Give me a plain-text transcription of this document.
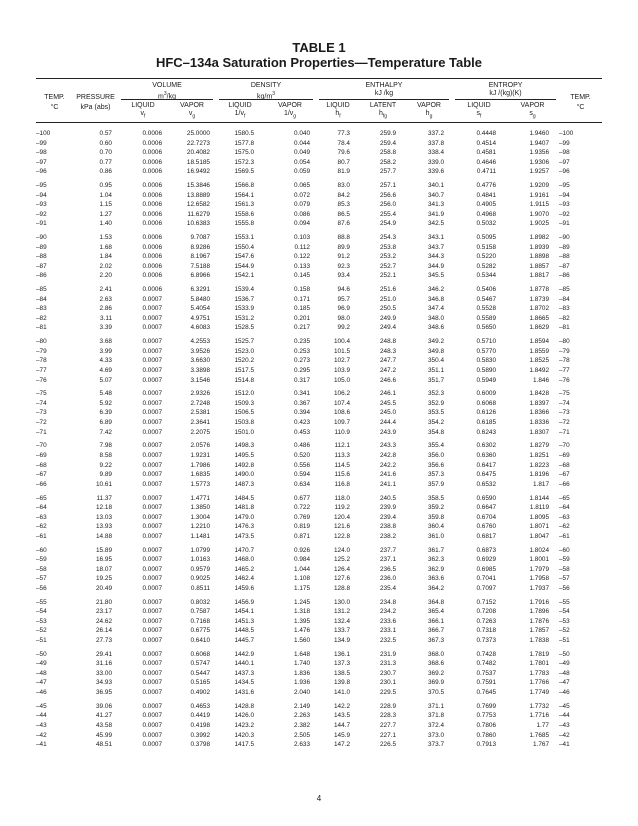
TABLE 1
HFC–134a Saturation Properties—Temperature Table
TEMP.
°C
PRESSURE
kPa (abs)
VOLUME
$m^3/kg$
DENSITY
$kg/m^3$
ENTHALPY
kJ /kg
ENTROPY
kJ /(kg)(K)
TEMP.
°C
LIQUID
$v_f$
VAPOR
$v_g$
LIQUID
$1/v_f$
VAPOR
$1/v_g$
LIQUID
$h_f$
LATENT
$h_{fg}$
VAPOR
$h_g$
LIQUID
$s_f$
VAPOR
$s_g$
–100	0.57	0.0006	25.0000	1580.5	0.040	77.3	259.9	337.2	0.4448	1.9460	–100
–99	0.60	0.0006	22.7273	1577.8	0.044	78.4	259.4	337.8	0.4514	1.9407	–99
–98	0.70	0.0006	20.4082	1575.0	0.049	79.6	258.8	338.4	0.4581	1.9356	–98
–97	0.77	0.0006	18.5185	1572.3	0.054	80.7	258.2	339.0	0.4646	1.9306	–97
–96	0.86	0.0006	16.9492	1569.5	0.059	81.9	257.7	339.6	0.4711	1.9257	–96

–95	0.95	0.0006	15.3846	1566.8	0.065	83.0	257.1	340.1	0.4776	1.9209	–95
–94	1.04	0.0006	13.8889	1564.1	0.072	84.2	256.6	340.7	0.4841	1.9161	–94
–93	1.15	0.0006	12.6582	1561.3	0.079	85.3	256.0	341.3	0.4905	1.9115	–93
–92	1.27	0.0006	11.6279	1558.6	0.086	86.5	255.4	341.9	0.4968	1.9070	–92
–91	1.40	0.0006	10.6383	1555.8	0.094	87.6	254.9	342.5	0.5032	1.9025	–91

–90	1.53	0.0006	9.7087	1553.1	0.103	88.8	254.3	343.1	0.5095	1.8982	–90
–89	1.68	0.0006	8.9286	1550.4	0.112	89.9	253.8	343.7	0.5158	1.8939	–89
–88	1.84	0.0006	8.1967	1547.6	0.122	91.2	253.2	344.3	0.5220	1.8898	–88
–87	2.02	0.0006	7.5188	1544.9	0.133	92.3	252.7	344.9	0.5282	1.8857	–87
–86	2.20	0.0006	6.8966	1542.1	0.145	93.4	252.1	345.5	0.5344	1.8817	–86

–85	2.41	0.0006	6.3291	1539.4	0.158	94.6	251.6	346.2	0.5406	1.8778	–85
–84	2.63	0.0007	5.8480	1536.7	0.171	95.7	251.0	346.8	0.5467	1.8739	–84
–83	2.86	0.0007	5.4054	1533.9	0.185	96.9	250.5	347.4	0.5528	1.8702	–83
–82	3.11	0.0007	4.9751	1531.2	0.201	98.0	249.9	348.0	0.5589	1.8665	–82
–81	3.39	0.0007	4.6083	1528.5	0.217	99.2	249.4	348.6	0.5650	1.8629	–81

–80	3.68	0.0007	4.2553	1525.7	0.235	100.4	248.8	349.2	0.5710	1.8594	–80
–79	3.99	0.0007	3.9526	1523.0	0.253	101.5	248.3	349.8	0.5770	1.8559	–79
–78	4.33	0.0007	3.6630	1520.2	0.273	102.7	247.7	350.4	0.5830	1.8525	–78
–77	4.69	0.0007	3.3898	1517.5	0.295	103.9	247.2	351.1	0.5890	1.8492	–77
–76	5.07	0.0007	3.1546	1514.8	0.317	105.0	246.6	351.7	0.5949	1.846	–76

–75	5.48	0.0007	2.9326	1512.0	0.341	106.2	246.1	352.3	0.6009	1.8428	–75
–74	5.92	0.0007	2.7248	1509.3	0.367	107.4	245.5	352.9	0.6068	1.8397	–74
–73	6.39	0.0007	2.5381	1506.5	0.394	108.6	245.0	353.5	0.6126	1.8366	–73
–72	6.89	0.0007	2.3641	1503.8	0.423	109.7	244.4	354.2	0.6185	1.8336	–72
–71	7.42	0.0007	2.2075	1501.0	0.453	110.9	243.9	354.8	0.6243	1.8307	–71

–70	7.98	0.0007	2.0576	1498.3	0.486	112.1	243.3	355.4	0.6302	1.8279	–70
–69	8.58	0.0007	1.9231	1495.5	0.520	113.3	242.8	356.0	0.6360	1.8251	–69
–68	9.22	0.0007	1.7986	1492.8	0.556	114.5	242.2	356.6	0.6417	1.8223	–68
–67	9.89	0.0007	1.6835	1490.0	0.594	115.6	241.6	357.3	0.6475	1.8196	–67
–66	10.61	0.0007	1.5773	1487.3	0.634	116.8	241.1	357.9	0.6532	1.817	–66

–65	11.37	0.0007	1.4771	1484.5	0.677	118.0	240.5	358.5	0.6590	1.8144	–65
–64	12.18	0.0007	1.3850	1481.8	0.722	119.2	239.9	359.2	0.6647	1.8119	–64
–63	13.03	0.0007	1.3004	1479.0	0.769	120.4	239.4	359.8	0.6704	1.8095	–63
–62	13.93	0.0007	1.2210	1476.3	0.819	121.6	238.8	360.4	0.6760	1.8071	–62
–61	14.88	0.0007	1.1481	1473.5	0.871	122.8	238.2	361.0	0.6817	1.8047	–61

–60	15.89	0.0007	1.0799	1470.7	0.926	124.0	237.7	361.7	0.6873	1.8024	–60
–59	16.95	0.0007	1.0163	1468.0	0.984	125.2	237.1	362.3	0.6929	1.8001	–59
–58	18.07	0.0007	0.9579	1465.2	1.044	126.4	236.5	362.9	0.6985	1.7979	–58
–57	19.25	0.0007	0.9025	1462.4	1.108	127.6	236.0	363.6	0.7041	1.7958	–57
–56	20.49	0.0007	0.8511	1459.6	1.175	128.8	235.4	364.2	0.7097	1.7937	–56

–55	21.80	0.0007	0.8032	1456.9	1.245	130.0	234.8	364.8	0.7152	1.7916	–55
–54	23.17	0.0007	0.7587	1454.1	1.318	131.2	234.2	365.4	0.7208	1.7896	–54
–53	24.62	0.0007	0.7168	1451.3	1.395	132.4	233.6	366.1	0.7263	1.7876	–53
–52	26.14	0.0007	0.6775	1448.5	1.476	133.7	233.1	366.7	0.7318	1.7857	–52
–51	27.73	0.0007	0.6410	1445.7	1.560	134.9	232.5	367.3	0.7373	1.7838	–51

–50	29.41	0.0007	0.6068	1442.9	1.648	136.1	231.9	368.0	0.7428	1.7819	–50
–49	31.16	0.0007	0.5747	1440.1	1.740	137.3	231.3	368.6	0.7482	1.7801	–49
–48	33.00	0.0007	0.5447	1437.3	1.836	138.5	230.7	369.2	0.7537	1.7783	–48
–47	34.93	0.0007	0.5165	1434.5	1.936	139.8	230.1	369.9	0.7591	1.7766	–47
–46	36.95	0.0007	0.4902	1431.6	2.040	141.0	229.5	370.5	0.7645	1.7749	–46

–45	39.06	0.0007	0.4653	1428.8	2.149	142.2	228.9	371.1	0.7699	1.7732	–45
–44	41.27	0.0007	0.4419	1426.0	2.263	143.5	228.3	371.8	0.7753	1.7716	–44
–43	43.58	0.0007	0.4198	1423.2	2.382	144.7	227.7	372.4	0.7806	1.77	–43
–42	45.99	0.0007	0.3992	1420.3	2.505	145.9	227.1	373.0	0.7860	1.7685	–42
–41	48.51	0.0007	0.3798	1417.5	2.633	147.2	226.5	373.7	0.7913	1.767	–41
4
